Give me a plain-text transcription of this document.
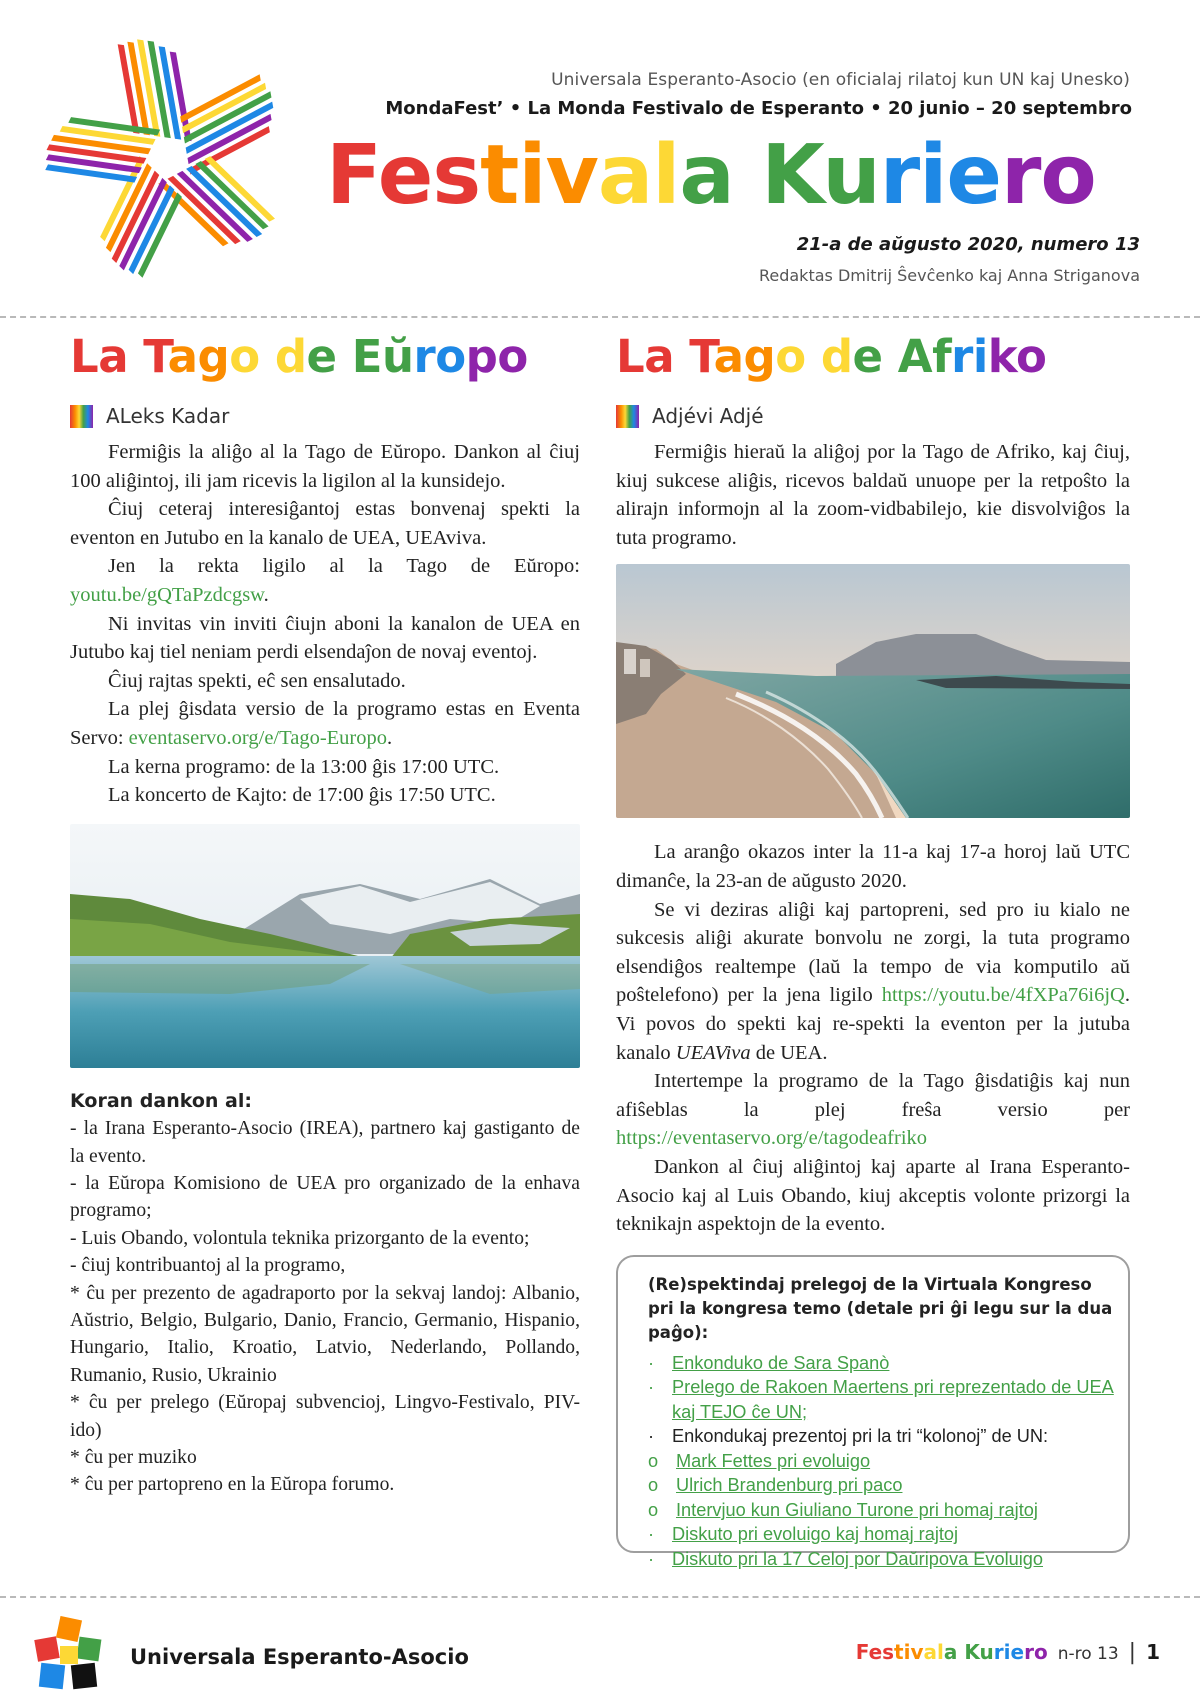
Universala Esperanto-Asocio (en oficialaj rilatoj kun UN kaj Unesko)
MondaFest’ • La Monda Festivalo de Esperanto • 20 junio – 20 septembro
Festivala Kuriero
21-a de aŭgusto 2020, numero 13
Redaktas Dmitrij Ŝevĉenko kaj Anna Striganova
La Tago de Eŭropo
ALeks Kadar

Fermiĝis la aliĝo al la Tago de Eŭropo. Dankon al ĉiuj 100 aliĝintoj, ili jam ricevis la ligilon al la kunsidejo.

Ĉiuj ceteraj interesiĝantoj estas bonvenaj spekti la eventon en Jutubo en la kanalo de UEA, UEAviva.

Jen la rekta ligilo al la Tago de Eŭropo: youtu.be/gQTaPzdcgsw.

Ni invitas vin inviti ĉiujn aboni la kanalon de UEA en Jutubo kaj tiel neniam perdi elsendaĵon de novaj eventoj.

Ĉiuj rajtas spekti, eĉ sen ensalutado.

La plej ĝisdata versio de la programo estas en Eventa Servo: eventaservo.org/e/Tago-Europo.

La kerna programo: de la 13:00 ĝis 17:00 UTC.

La koncerto de Kajto: de 17:00 ĝis 17:50 UTC.

Koran dankon al:
- la Irana Esperanto-Asocio (IREA), partnero kaj gastiganto de la evento.
- la Eŭropa Komisiono de UEA pro organizado de la enhava programo;
- Luis Obando, volontula teknika prizorganto de la evento;
- ĉiuj kontribuantoj al la programo,
* ĉu per prezento de agadraporto por la sekvaj landoj: Albanio, Aŭstrio, Belgio, Bulgario, Danio, Francio, Germanio, Hispanio, Hungario, Italio, Kroatio, Latvio, Nederlando, Pollando, Rumanio, Rusio, Ukrainio
* ĉu per prelego (Eŭropaj subvencioj, Lingvo-Festivalo, PIV-ido)
* ĉu per muziko
* ĉu per partopreno en la Eŭropa forumo.
La Tago de Afriko
Adjévi Adjé

Fermiĝis hieraŭ la aliĝoj por la Tago de Afriko, kaj ĉiuj, kiuj sukcese aliĝis, ricevos baldaŭ unuope per la retpoŝto la alirajn informojn al la zoom-vidbabilejo, kie disvolviĝos la tuta programo.

La aranĝo okazos inter la 11-a kaj 17-a horoj laŭ UTC dimanĉe, la 23-an de aŭgusto 2020.

Se vi deziras aliĝi kaj partopreni, sed pro iu kialo ne sukcesis aliĝi akurate bonvolu ne zorgi, la tuta programo elsendiĝos realtempe (laŭ la tempo de via komputilo aŭ poŝtelefono) per la jena ligilo https://youtu.be/4fXPa76i6jQ. Vi povos do spekti kaj re-spekti la eventon per la jutuba kanalo UEAViva de UEA.

Intertempe la programo de la Tago ĝisdatiĝis kaj nun afiŝeblas la plej freŝa versio per https://eventaservo.org/e/tagodeafriko

Dankon al ĉiuj aliĝintoj kaj aparte al Irana Esperanto-Asocio kaj al Luis Obando, kiuj akceptis volonte prizorgi la teknikajn aspektojn de la evento.

(Re)spektindaj prelegoj de la Virtuala Kongreso pri la kongresa temo (detale pri ĝi legu sur la dua paĝo):
· Enkonduko de Sara Spanò
· Prelego de Rakoen Maertens pri reprezentado de UEA kaj TEJO ĉe UN;
· Enkondukaj prezentoj pri la tri “kolonoj” de UN:
o Mark Fettes pri evoluigo
o Ulrich Brandenburg pri paco
o Intervjuo kun Giuliano Turone pri homaj rajtoj
· Diskuto pri evoluigo kaj homaj rajtoj
· Diskuto pri la 17 Celoj por Daŭripova Evoluigo
Universala Esperanto-Asocio	Festivala Kuriero n-ro 13 | 1
